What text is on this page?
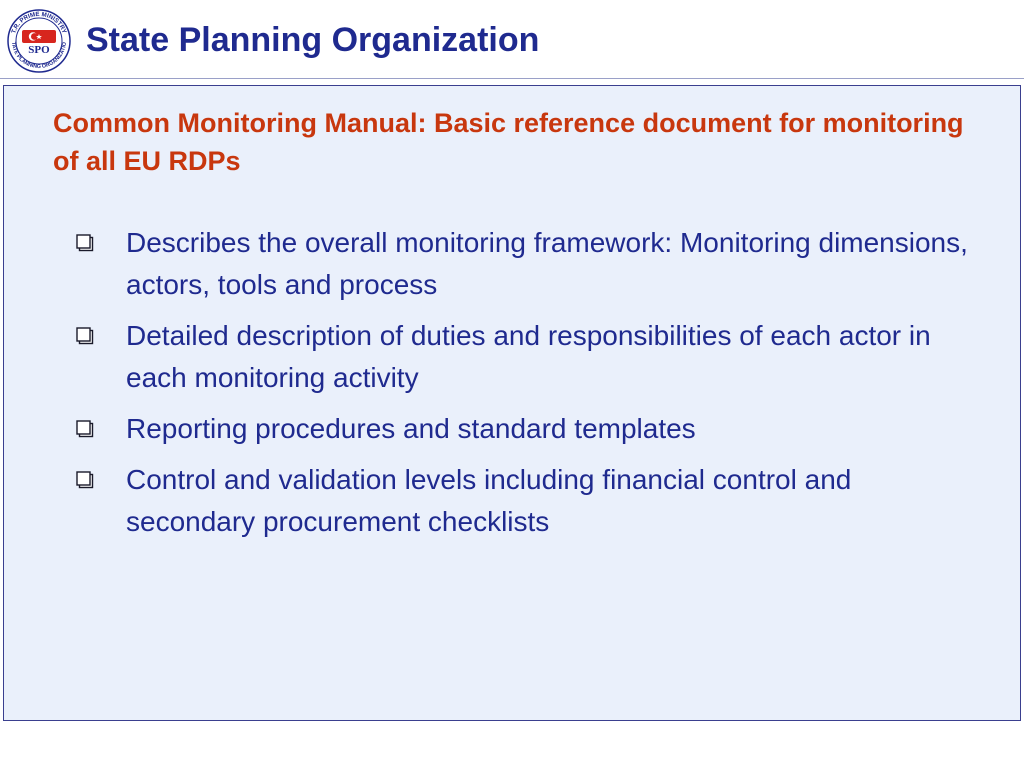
T.R. PRIME MINISTRY
TATE PLANNING ORGANIZATIO
SPO State Planning Organization
Common Monitoring Manual: Basic reference document for monitoring of all EU RDPs
Describes the overall monitoring framework: Monitoring dimensions, actors, tools and process
Detailed description of duties and responsibilities of each actor in each monitoring activity
Reporting procedures and standard templates
Control and validation levels including financial control and secondary procurement checklists
